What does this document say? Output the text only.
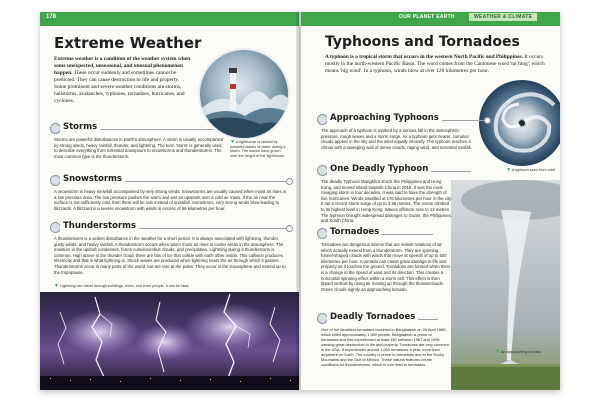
178
Extreme Weather

Extreme weather is a condition of the weather system when some unexpected, unseasonal, and unusual phenomenon happen. These occur suddenly and sometimes cannot be predicted. They can cause destruction to life and property. Some prominent and severe weather conditions are storms, hailstorms, avalanches, typhoons, tornadoes, hurricanes, and cyclones.

▼ A lighthouse is lashed by powerful waves of water during a storm. The waves have grown over the height of the lighthouse.
Storms

Storms are powerful disturbances in Earth's atmosphere. A storm is usually accompanied by strong winds, heavy rainfall, thunder, and lightning. The term 'storm' is generally used to describe everything from torrential downpours to snowstorms and thunderstorms. The most common type is the thunderstorm.

Snowstorms

A snowstorm is heavy snowfall accompanied by very strong winds. Snowstorms are usually caused when moist air rises in a low pressure area. The low pressure pushes the warm and wet air upwards over a cold air mass. If the air near the surface is not sufficiently cold, then there will be rain instead of snowfall. Sometimes, very strong winds blow leading to blizzards. A blizzard is a severe snowstorm with winds in excess of 56 kilometres per hour.

Thunderstorms

A thunderstorm is a violent disturbance in the weather for a short period. It is always associated with lightning, thunder, gusty winds, and heavy rainfall. A thunderstorm occurs when warm moist air rises to cooler areas in the atmosphere. The moisture in the updraft condenses, forms cumulonimbus clouds, and precipitates. Lightning during a thunderstorm is common. High above in the thunder cloud, there are bits of ice that collide with each other inside. This collision produces electricity and that is what lightning is. Shock waves are produced when lightning heats the air through which it passes. Thunderstorms occur in many parts of the world, but are rare at the poles. They occur in the troposphere and extend up to the tropopause.

▼ Lightning can travel through buildings, trees, and even people, it can be fatal.
OUR PLANET EARTH	WEATHER & CLIMATE
Typhoons and Tornadoes

A typhoon is a tropical storm that occurs in the western North Pacific and Philippines. It occurs mostly in the north-western Pacific Basin. The word comes from the Cantonese word 'tai fung', which means 'big wind'. In a typhoon, winds blow at over 120 kilometres per hour.

▼ A typhoon seen from orbit
▼ An approaching tornado
Approaching Typhoons

The approach of a typhoon is marked by a serious fall in the atmospheric pressure, rough waves and a storm surge. As a typhoon gets nearer, cumulus clouds appear in the sky and the wind equally intensify. The typhoon reaches a climax with a sweeping wall of dense clouds, raging wind, and torrential rainfall.

One Deadly Typhoon

The deadly Typhoon Mangkhut struck the Philippines and Hong Kong, and moved inland towards China in 2018. It was the most ravaging storm in four decades. It was said to have the strength of five hurricanes. Winds travelled at 170 kilometres per hour in the city. It set a record storm surge of up to 3.95 metres. The ocean climbed to its highest level in Hong Kong. Waves offshore rose to 13 metres. The typhoon brought widespread damages to Guam, the Philippines, and South China.

Tornadoes

Tornadoes are dangerous storms that are violent rotations of air which actually extend from a thunderstorm. They are spinning, funnel-shaped clouds with winds that move at speeds of up to 500 kilometres per hour. A tornado can cause great damage to life and property as it touches the ground. Tornadoes are formed when there is a change in the speed of wind and its direction. This creates a horizontal spinning effect within a storm cell. This effect is then tipped vertical by rising air moving up through the thunderclouds. Green clouds signify an approaching tornado.

Deadly Tornadoes

One of the deadliest tornadoes occurred in Bangladesh on 26 April 1989, which killed approximately 1,300 people. Bangladesh is prone to tornadoes and has experienced at least 150 between 1967 and 1996 causing great destruction to life and property. Tornadoes are very common in the USA. It experiences around 1,000 tornadoes a year, more than anywhere on Earth. The country is prone to tornadoes due to the Rocky Mountains and the Gulf of Mexico. These natural features create conditions for thunderstorms, which in turn lead to tornadoes.
